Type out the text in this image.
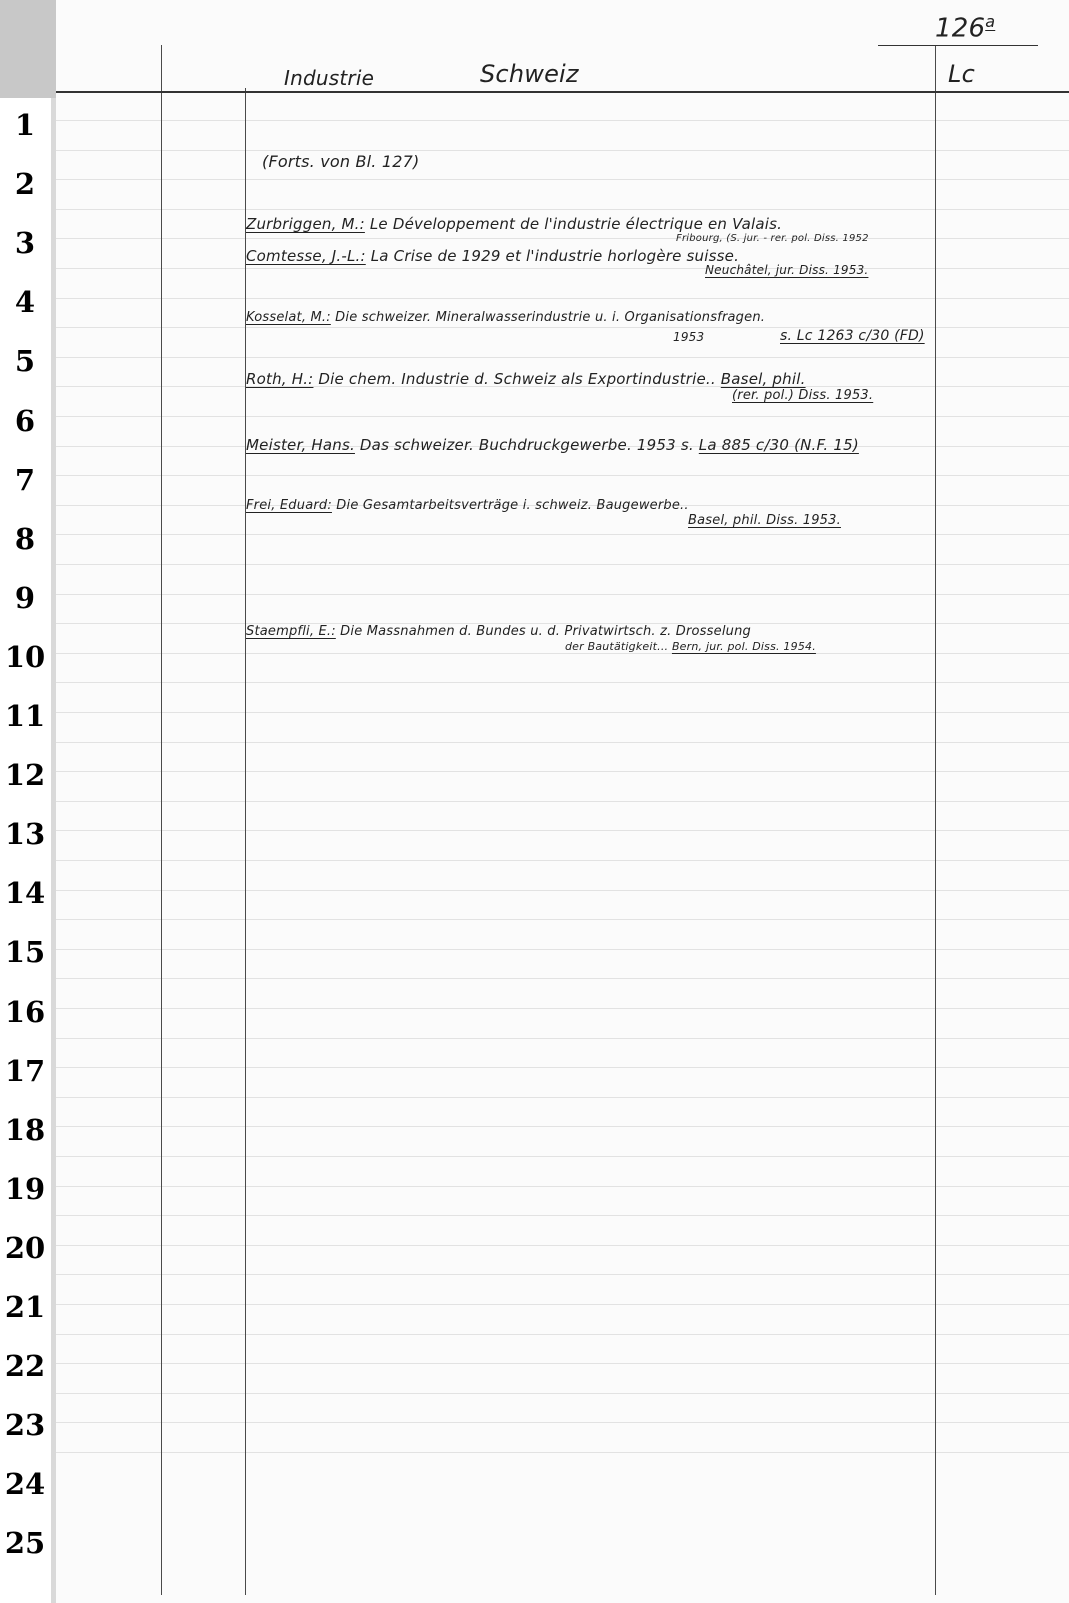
1
2
3
4
5
6
7
8
9
10
11
12
13
14
15
16
17
18
19
20
21
22
23
24
25
126$^a$
Industrie	Schweiz	Lc
(Forts. von Bl. 127)
Zurbriggen, M.: Le Développement de l'industrie électrique en Valais.
Fribourg, (S. jur. - rer. pol. Diss. 1952
Comtesse, J.-L.: La Crise de 1929 et l'industrie horlogère suisse.
Neuchâtel, jur. Diss. 1953.
Kosselat, M.: Die schweizer. Mineralwasserindustrie u. i. Organisationsfragen.
1953	s. Lc 1263 c/30 (FD)
Roth, H.: Die chem. Industrie d. Schweiz als Exportindustrie.. Basel, phil.
(rer. pol.) Diss. 1953.
Meister, Hans. Das schweizer. Buchdruckgewerbe. 1953 s. La 885 c/30 (N.F. 15)
Frei, Eduard: Die Gesamtarbeitsverträge i. schweiz. Baugewerbe..
Basel, phil. Diss. 1953.
Staempfli, E.: Die Massnahmen d. Bundes u. d. Privatwirtsch. z. Drosselung
der Bautätigkeit... Bern, jur. pol. Diss. 1954.
